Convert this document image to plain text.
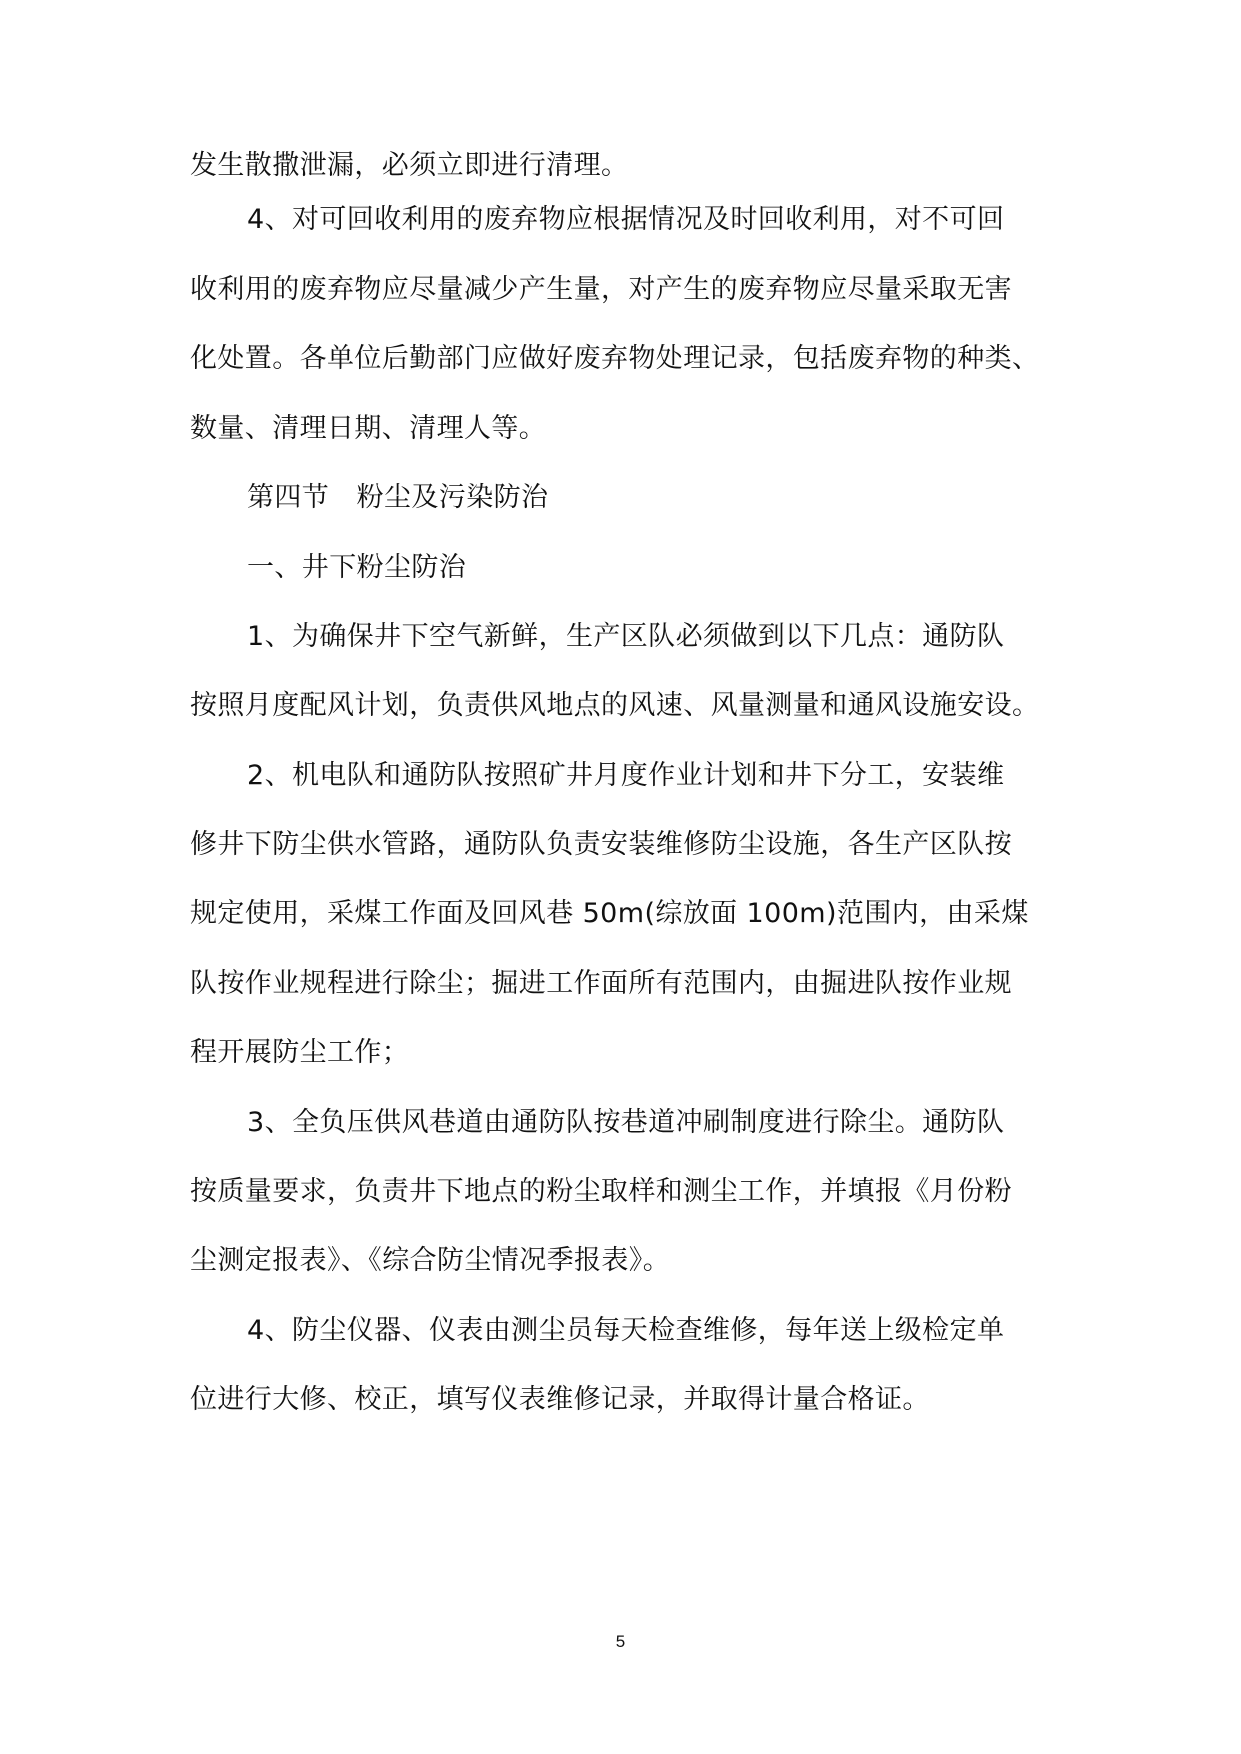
发生散撒泄漏，必须立即进行清理。
4、对可回收利用的废弃物应根据情况及时回收利用，对不可回
收利用的废弃物应尽量减少产生量，对产生的废弃物应尽量采取无害
化处置。各单位后勤部门应做好废弃物处理记录，包括废弃物的种类、
数量、清理日期、清理人等。
第四节　粉尘及污染防治
一、井下粉尘防治
1、为确保井下空气新鲜，生产区队必须做到以下几点：通防队
按照月度配风计划，负责供风地点的风速、风量测量和通风设施安设。
2、机电队和通防队按照矿井月度作业计划和井下分工，安装维
修井下防尘供水管路，通防队负责安装维修防尘设施，各生产区队按
规定使用，采煤工作面及回风巷 50m(综放面 100m)范围内，由采煤
队按作业规程进行除尘；掘进工作面所有范围内，由掘进队按作业规
程开展防尘工作；
3、全负压供风巷道由通防队按巷道冲刷制度进行除尘。通防队
按质量要求，负责井下地点的粉尘取样和测尘工作，并填报《月份粉
尘测定报表》、《综合防尘情况季报表》。
4、防尘仪器、仪表由测尘员每天检查维修，每年送上级检定单
位进行大修、校正，填写仪表维修记录，并取得计量合格证。
5
